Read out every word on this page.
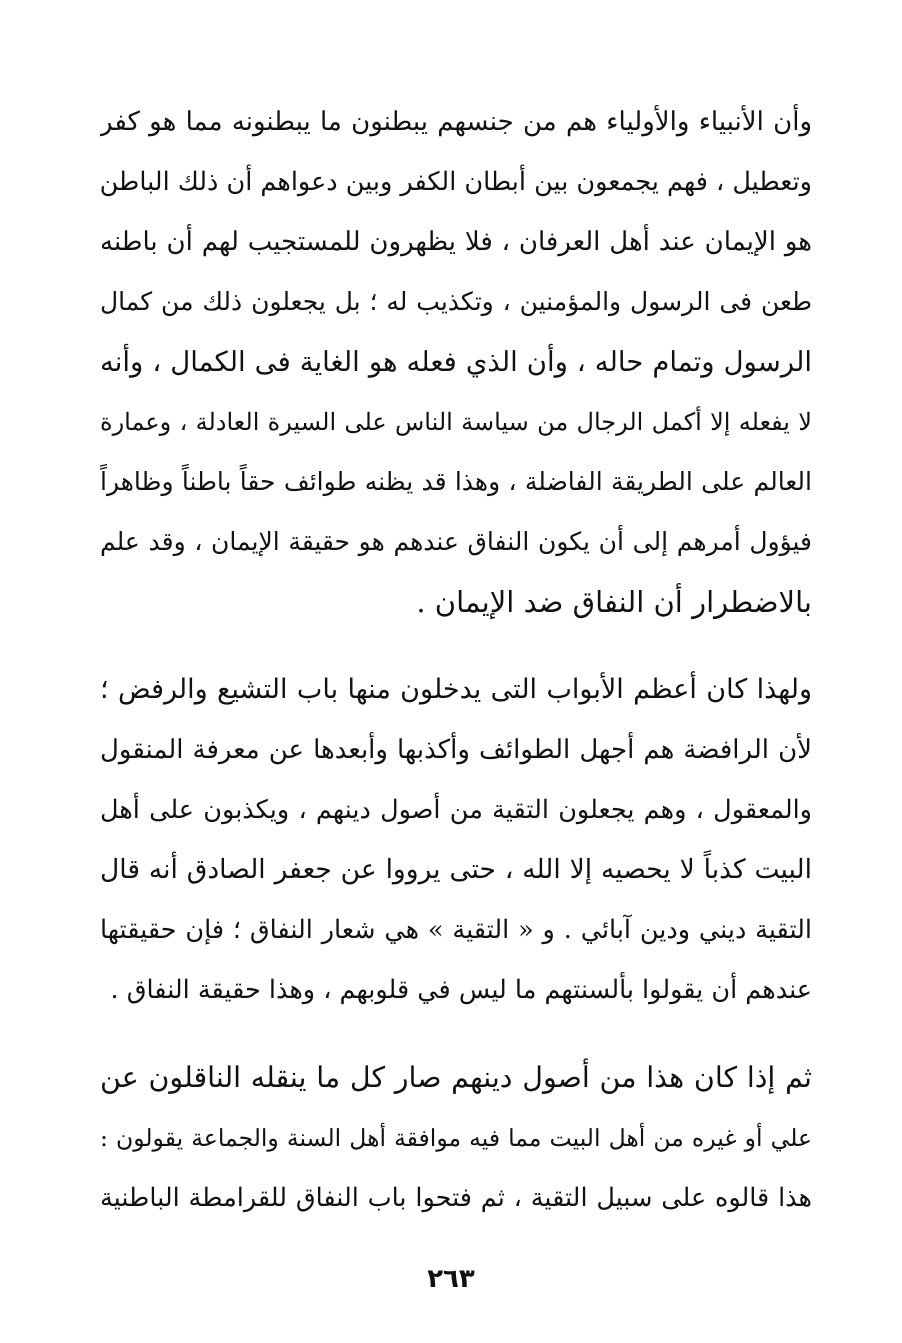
وأن الأنبياء والأولياء هم من جنسهم يبطنون ما يبطنونه مما هو كفر
وتعطيل ، فهم يجمعون بين أبطان الكفر وبين دعواهم أن ذلك الباطن
هو الإيمان عند أهل العرفان ، فلا يظهرون للمستجيب لهم أن باطنه
طعن فى الرسول والمؤمنين ، وتكذيب له ؛ بل يجعلون ذلك من كمال
الرسول وتمام حاله ، وأن الذي فعله هو الغاية فى الكمال ، وأنه
لا يفعله إلا أكمل الرجال من سياسة الناس على السيرة العادلة ، وعمارة
العالم على الطريقة الفاضلة ، وهذا قد يظنه طوائف حقاً باطناً وظاهراً
فيؤول أمرهم إلى أن يكون النفاق عندهم هو حقيقة الإيمان ، وقد علم
بالاضطرار أن النفاق ضد الإيمان .
ولهذا كان أعظم الأبواب التى يدخلون منها باب التشيع والرفض ؛
لأن الرافضة هم أجهل الطوائف وأكذبها وأبعدها عن معرفة المنقول
والمعقول ، وهم يجعلون التقية من أصول دينهم ، ويكذبون على أهل
البيت كذباً لا يحصيه إلا الله ، حتى يرووا عن جعفر الصادق أنه قال
التقية ديني ودين آبائي . و « التقية » هي شعار النفاق ؛ فإن حقيقتها
عندهم أن يقولوا بألسنتهم ما ليس في قلوبهم ، وهذا حقيقة النفاق .
ثم إذا كان هذا من أصول دينهم صار كل ما ينقله الناقلون عن
علي أو غيره من أهل البيت مما فيه موافقة أهل السنة والجماعة يقولون :
هذا قالوه على سبيل التقية ، ثم فتحوا باب النفاق للقرامطة الباطنية
٢٦٣
